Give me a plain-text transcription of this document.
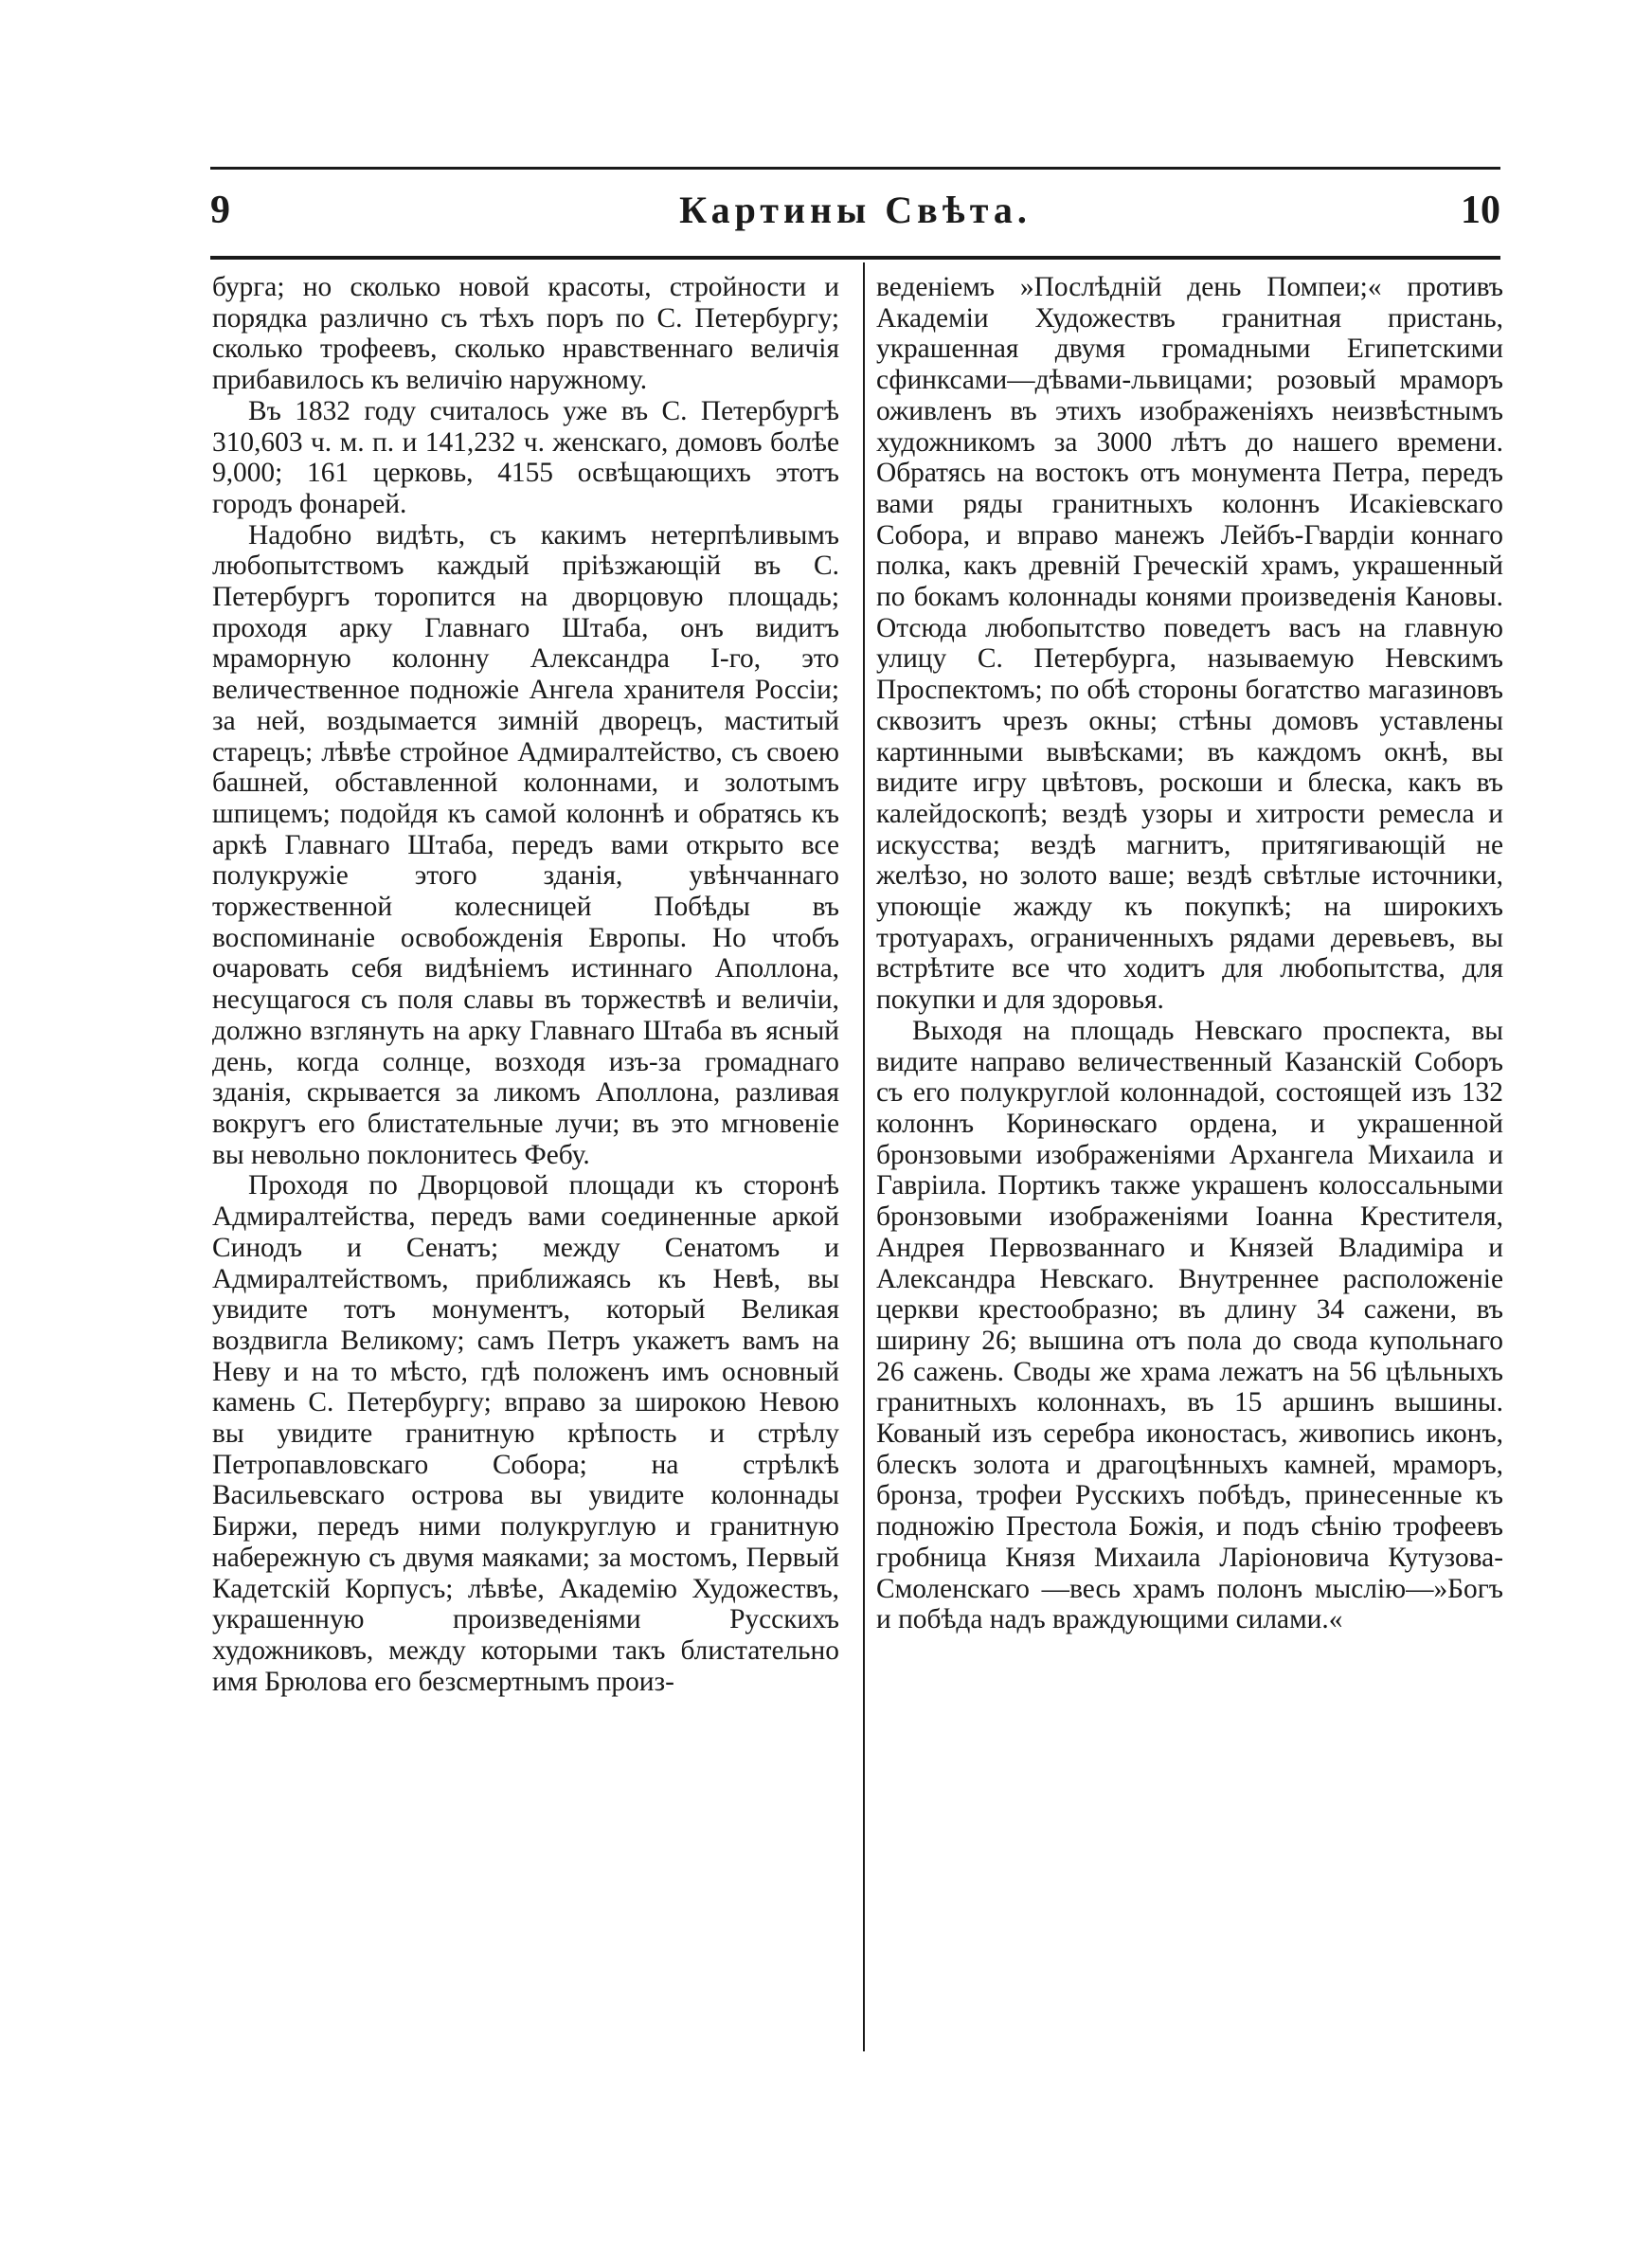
9	Картины Свѣта.	10

бурга; но сколько новой красоты, стройности и порядка различно съ тѣхъ поръ по С. Петербургу; сколько трофеевъ, сколько нравственнаго величія прибавилось къ величію наружному.

Въ 1832 году считалось уже въ С. Петербургѣ 310,603 ч. м. п. и 141,232 ч. женскаго, домовъ болѣе 9,000; 161 церковь, 4155 освѣщающихъ этотъ городъ фонарей.

Надобно видѣть, съ какимъ нетерпѣливымъ любопытствомъ каждый пріѣзжающій въ С. Петербургъ торопится на дворцовую площадь; проходя арку Главнаго Штаба, онъ видитъ мраморную колонну Александра I-го, это величественное подножіе Ангела хранителя Россіи; за ней, воздымается зимній дворецъ, маститый старецъ; лѣвѣе стройное Адмиралтейство, съ своею башней, обставленной колоннами, и золотымъ шпицемъ; подойдя къ самой колоннѣ и обратясь къ аркѣ Главнаго Штаба, передъ вами открыто все полукружіе этого зданія, увѣнчаннаго торжественной колесницей Побѣды въ воспоминаніе освобожденія Европы. Но чтобъ очаровать себя видѣніемъ истиннаго Аполлона, несущагося съ поля славы въ торжествѣ и величіи, должно взглянуть на арку Главнаго Штаба въ ясный день, когда солнце, возходя изъ-за громаднаго зданія, скрывается за ликомъ Аполлона, разливая вокругъ его блистательные лучи; въ это мгновеніе вы невольно поклонитесь Фебу.

Проходя по Дворцовой площади къ сторонѣ Адмиралтейства, передъ вами соединенные аркой Синодъ и Сенатъ; между Сенатомъ и Адмиралтействомъ, приближаясь къ Невѣ, вы увидите тотъ монументъ, который Великая воздвигла Великому; самъ Петръ укажетъ вамъ на Неву и на то мѣсто, гдѣ положенъ имъ основный камень С. Петербургу; вправо за широкою Невою вы увидите гранитную крѣпость и стрѣлу Петропавловскаго Собора; на стрѣлкѣ Васильевскаго острова вы увидите колоннады Биржи, передъ ними полукруглую и гранитную набережную съ двумя маяками; за мостомъ, Первый Кадетскій Корпусъ; лѣвѣе, Академію Художествъ, украшенную произведеніями Русскихъ художниковъ, между которыми такъ блистательно имя Брюлова его безсмертнымъ произ-

веденіемъ »Послѣдній день Помпеи;« противъ Академіи Художествъ гранитная пристань, украшенная двумя громадными Египетскими сфинксами—дѣвами-львицами; розовый мраморъ оживленъ въ этихъ изображеніяхъ неизвѣстнымъ художникомъ за 3000 лѣтъ до нашего времени. Обратясь на востокъ отъ монумента Петра, передъ вами ряды гранитныхъ колоннъ Исакіевскаго Собора, и вправо манежъ Лейбъ-Гвардіи коннаго полка, какъ древній Греческій храмъ, украшенный по бокамъ колоннады конями произведенія Кановы. Отсюда любопытство поведетъ васъ на главную улицу С. Петербурга, называемую Невскимъ Проспектомъ; по обѣ стороны богатство магазиновъ сквозитъ чрезъ окны; стѣны домовъ уставлены картинными вывѣсками; въ каждомъ окнѣ, вы видите игру цвѣтовъ, роскоши и блеска, какъ въ калейдоскопѣ; вездѣ узоры и хитрости ремесла и искусства; вездѣ магнитъ, притягивающій не желѣзо, но золото ваше; вездѣ свѣтлые источники, упоющіе жажду къ покупкѣ; на широкихъ тротуарахъ, ограниченныхъ рядами деревьевъ, вы встрѣтите все что ходитъ для любопытства, для покупки и для здоровья.

Выходя на площадь Невскаго проспекта, вы видите направо величественный Казанскій Соборъ съ его полукруглой колоннадой, состоящей изъ 132 колоннъ Коринѳскаго ордена, и украшенной бронзовыми изображеніями Архангела Михаила и Гавріила. Портикъ также украшенъ колоссальными бронзовыми изображеніями Іоанна Крестителя, Андрея Первозваннаго и Князей Владиміра и Александра Невскаго. Внутреннее расположеніе церкви крестообразно; въ длину 34 сажени, въ ширину 26; вышина отъ пола до свода купольнаго 26 сажень. Своды же храма лежатъ на 56 цѣльныхъ гранитныхъ колоннахъ, въ 15 аршинъ вышины. Кованый изъ серебра иконостасъ, живопись иконъ, блескъ золота и драгоцѣнныхъ камней, мраморъ, бронза, трофеи Русскихъ побѣдъ, принесенные къ подножію Престола Божія, и подъ сѣнію трофеевъ гробница Князя Михаила Ларіоновича Кутузова-Смоленскаго —весь храмъ полонъ мыслію—»Богъ и побѣда надъ враждующими силами.«
